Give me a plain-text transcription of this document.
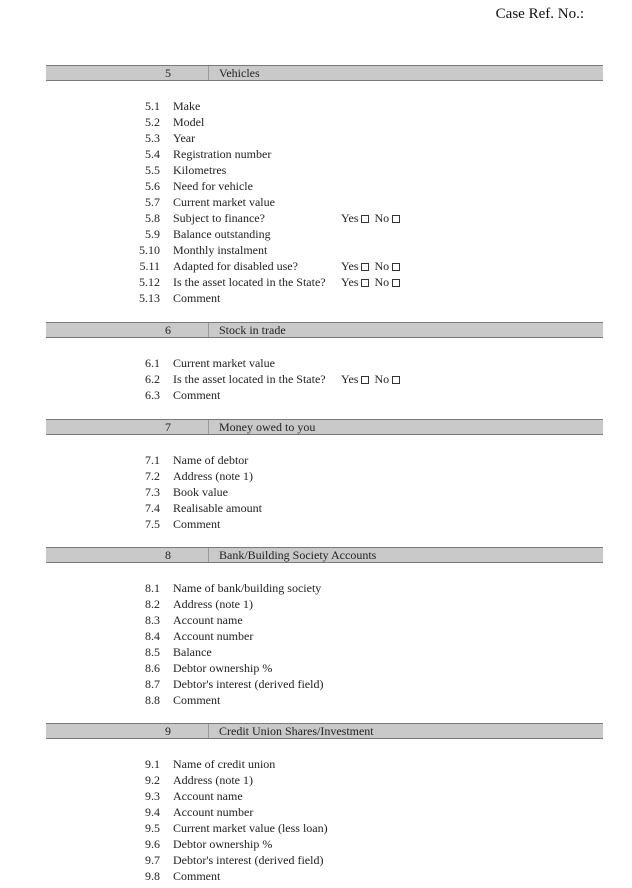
Case Ref. No.:
5	Vehicles
5.1 Make
5.2 Model
5.3 Year
5.4 Registration number
5.5 Kilometres
5.6 Need for vehicle
5.7 Current market value
5.8 Subject to finance?	Yes No
5.9 Balance outstanding
5.10 Monthly instalment
5.11 Adapted for disabled use?	Yes No
5.12 Is the asset located in the State? Yes No
5.13 Comment
6	Stock in trade
6.1 Current market value
6.2 Is the asset located in the State? Yes No
6.3 Comment
7	Money owed to you
7.1 Name of debtor
7.2 Address (note 1)
7.3 Book value
7.4 Realisable amount
7.5 Comment
8	Bank/Building Society Accounts
8.1 Name of bank/building society
8.2 Address (note 1)
8.3 Account name
8.4 Account number
8.5 Balance
8.6 Debtor ownership %
8.7 Debtor's interest (derived field)
8.8 Comment
9	Credit Union Shares/Investment
9.1 Name of credit union
9.2 Address (note 1)
9.3 Account name
9.4 Account number
9.5 Current market value (less loan)
9.6 Debtor ownership %
9.7 Debtor's interest (derived field)
9.8 Comment
